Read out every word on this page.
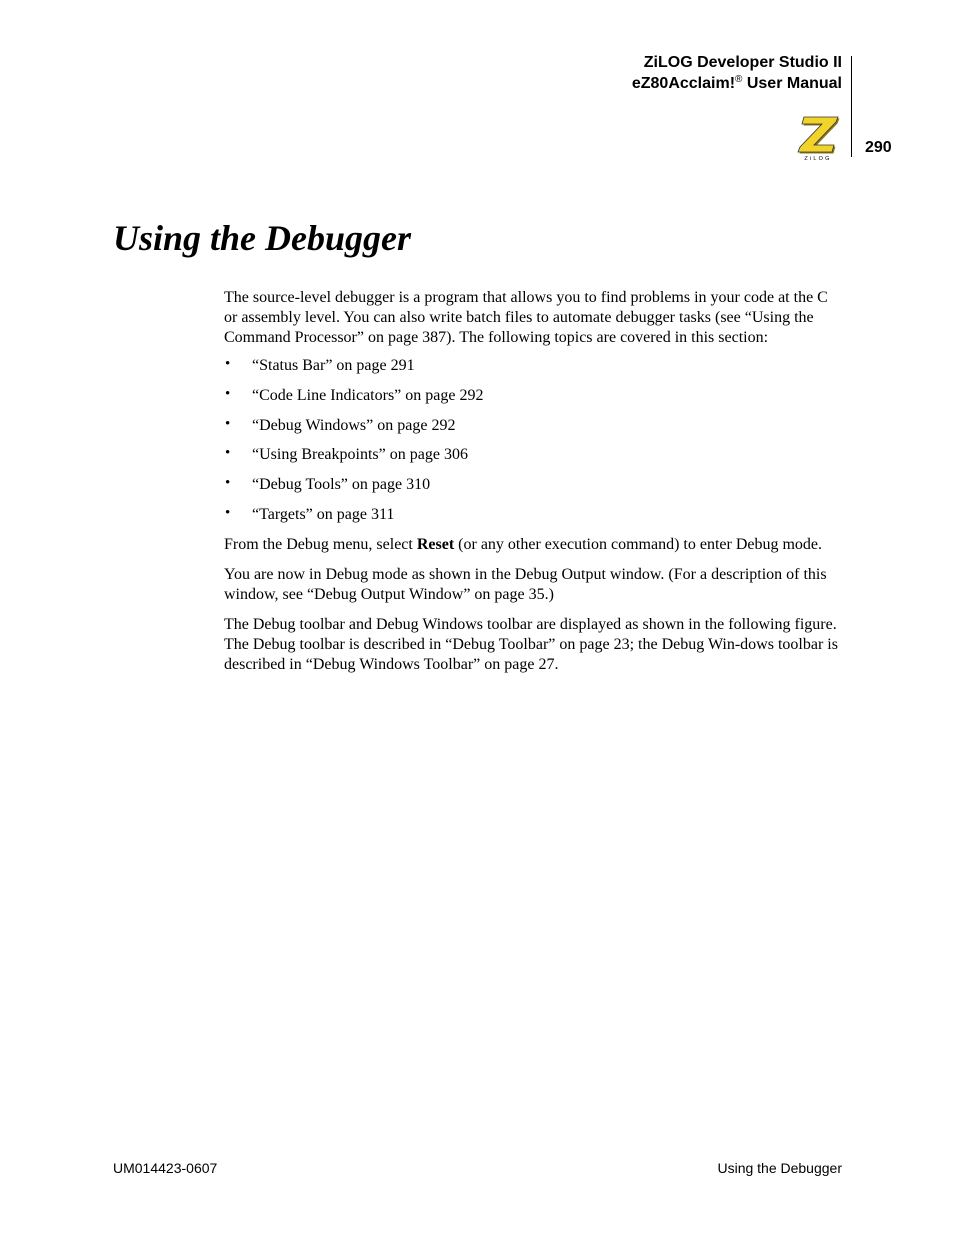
ZiLOG Developer Studio II
eZ80Acclaim!® User Manual
ZiLOG
290
Using the Debugger

The source-level debugger is a program that allows you to find problems in your code at the C or assembly level. You can also write batch files to automate debugger tasks (see “Using the Command Processor” on page 387). The following topics are covered in this section:

• “Status Bar” on page 291
• “Code Line Indicators” on page 292
• “Debug Windows” on page 292
• “Using Breakpoints” on page 306
• “Debug Tools” on page 310
• “Targets” on page 311

From the Debug menu, select Reset (or any other execution command) to enter Debug mode.

You are now in Debug mode as shown in the Debug Output window. (For a description of this window, see “Debug Output Window” on page 35.)

The Debug toolbar and Debug Windows toolbar are displayed as shown in the following figure. The Debug toolbar is described in “Debug Toolbar” on page 23; the Debug Win-dows toolbar is described in “Debug Windows Toolbar” on page 27.

UM014423-0607	Using the Debugger
